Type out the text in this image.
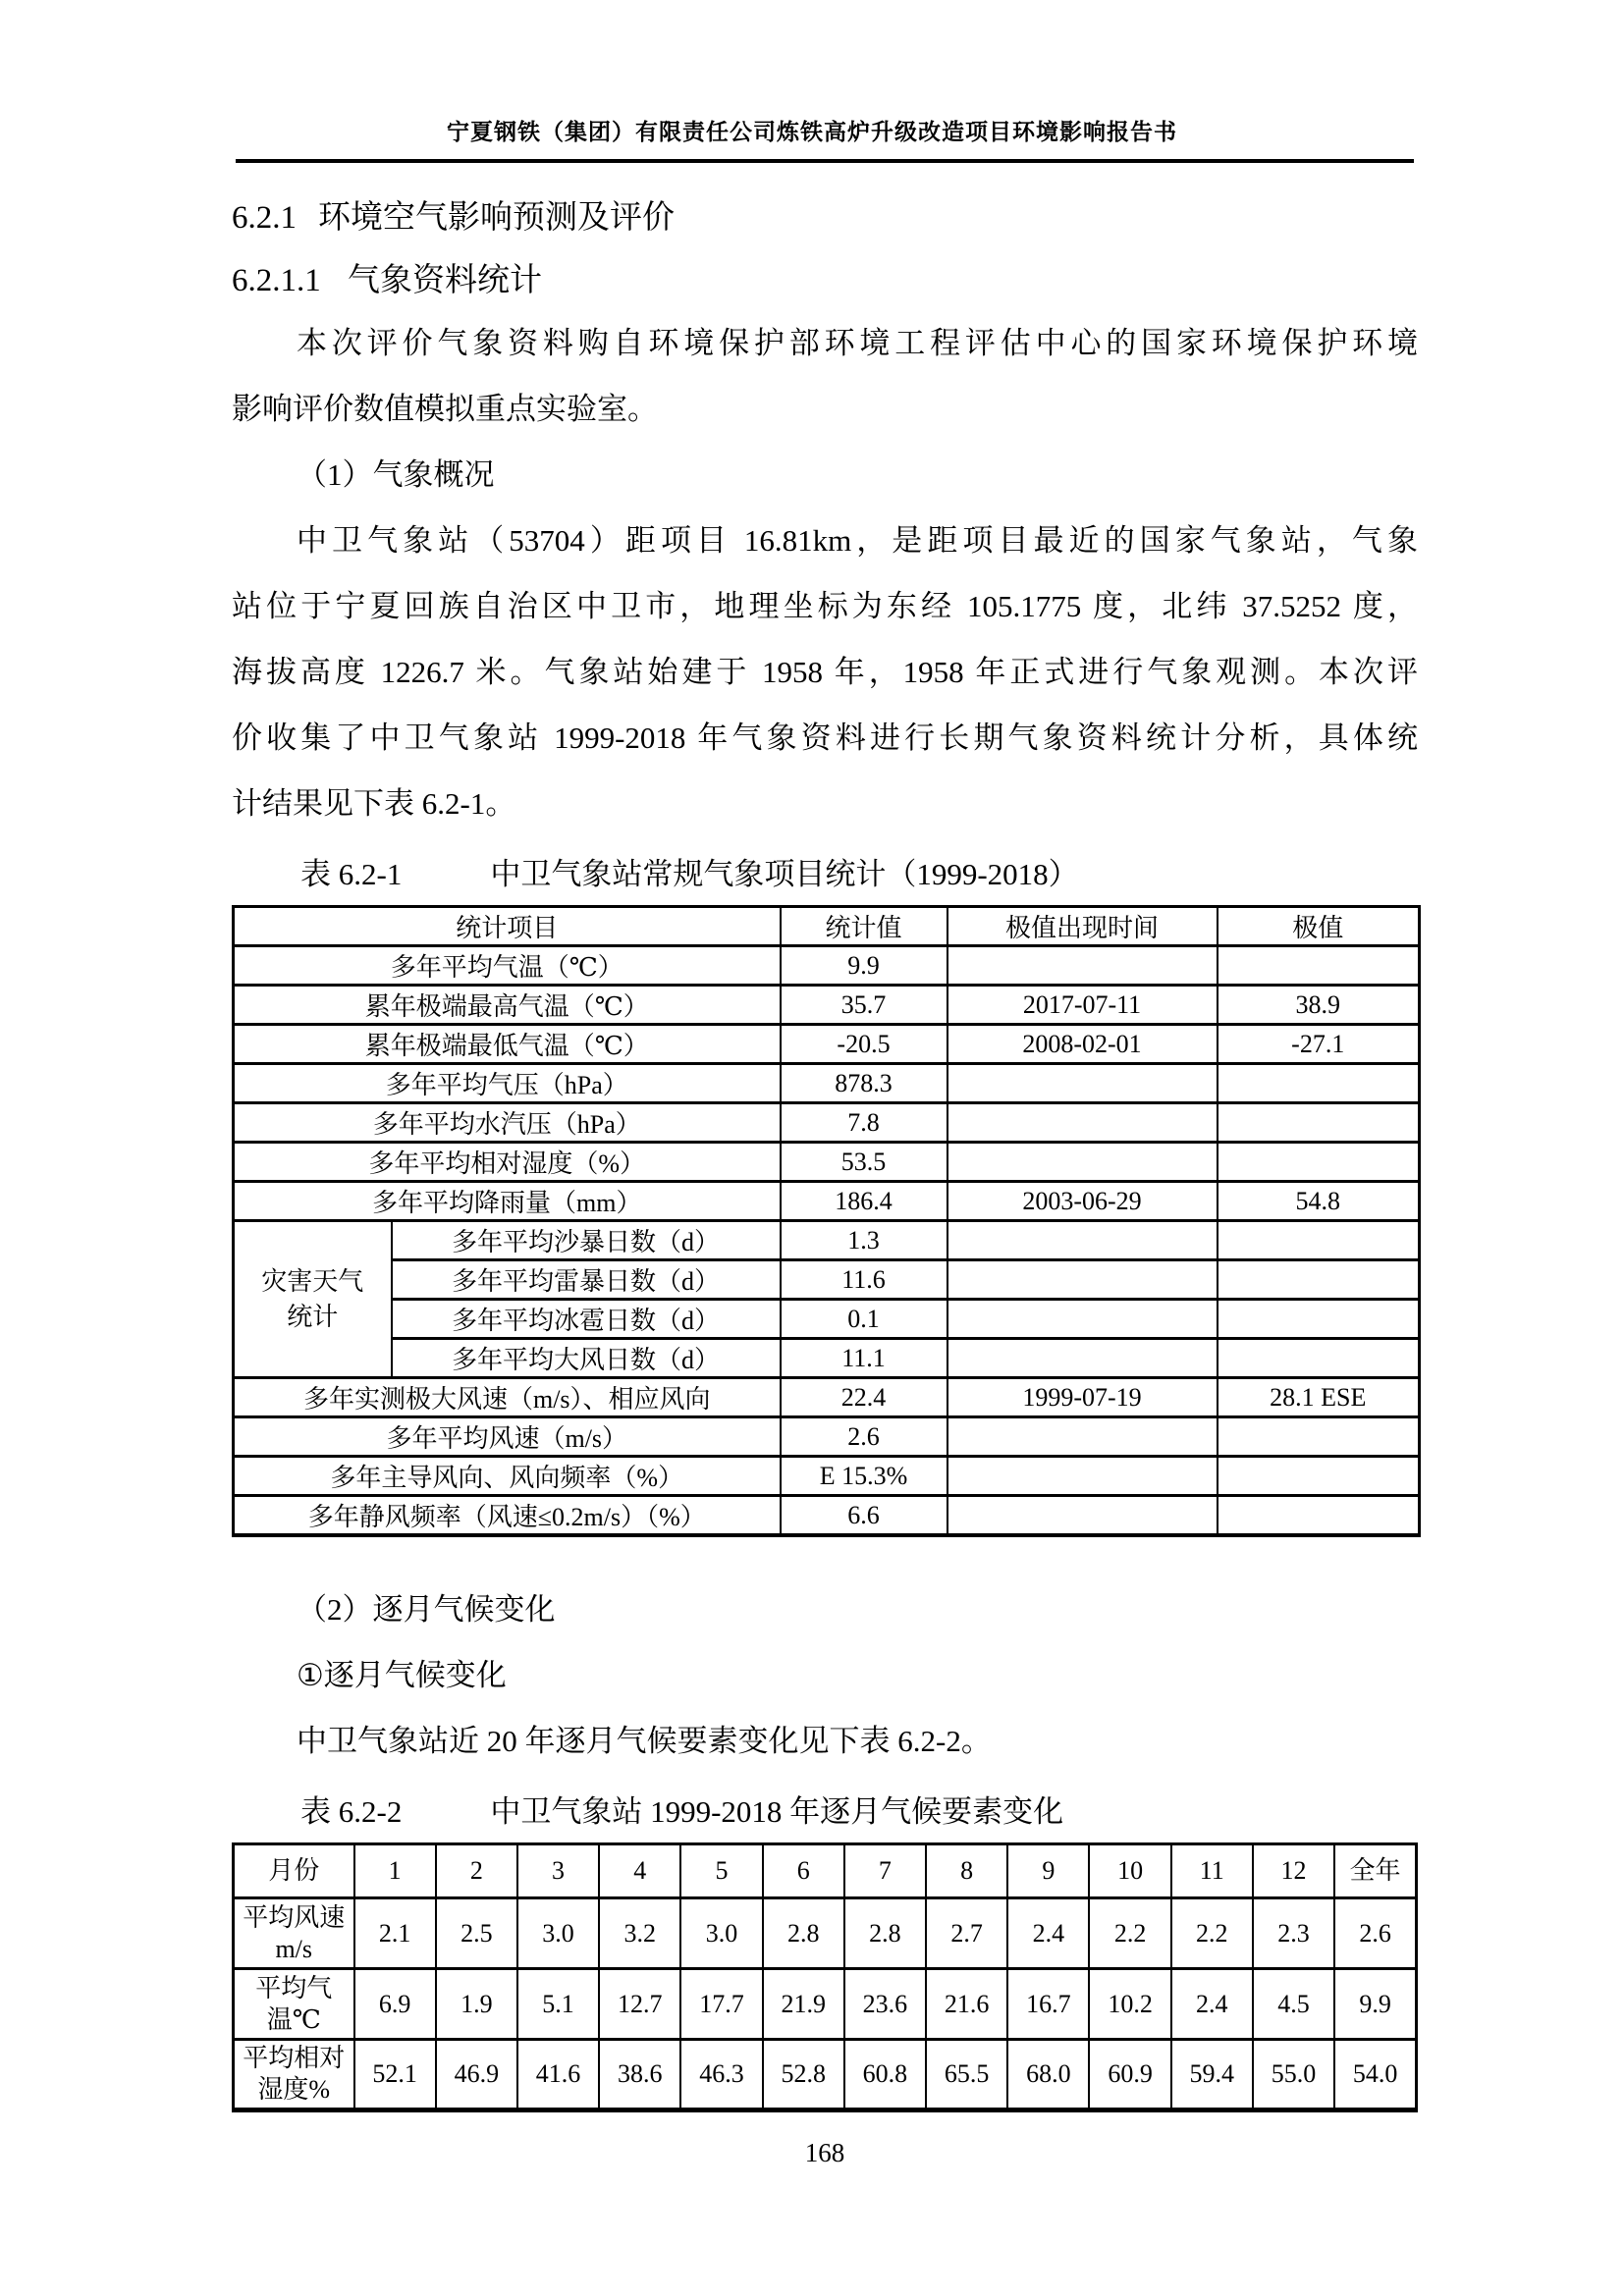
宁夏钢铁（集团）有限责任公司炼铁高炉升级改造项目环境影响报告书
6.2.1 环境空气影响预测及评价
6.2.1.1 气象资料统计
本次评价气象资料购自环境保护部环境工程评估中心的国家环境保护环境
影响评价数值模拟重点实验室。
（1）气象概况
中卫气象站（53704）距项目 16.81km，是距项目最近的国家气象站，气象
站位于宁夏回族自治区中卫市，地理坐标为东经 105.1775 度，北纬 37.5252 度，
海拔高度 1226.7 米。气象站始建于 1958 年，1958 年正式进行气象观测。本次评
价收集了中卫气象站 1999-2018 年气象资料进行长期气象资料统计分析，具体统
计结果见下表 6.2-1。
表 6.2-1	中卫气象站常规气象项目统计（1999-2018）
统计项目		统计值	极值出现时间	极值
多年平均气温（℃）		9.9		
累年极端最高气温（℃）		35.7	2017-07-11	38.9
累年极端最低气温（℃）		-20.5	2008-02-01	-27.1
多年平均气压（hPa）		878.3		
多年平均水汽压（hPa）		7.8		
多年平均相对湿度（%）		53.5		
多年平均降雨量（mm）		186.4	2003-06-29	54.8

灾害天气
统计	多年平均沙暴日数（d）	1.3		
	多年平均雷暴日数（d）	11.6		
	多年平均冰雹日数（d）	0.1		
	多年平均大风日数（d）	11.1		
多年实测极大风速（m/s）、相应风向		22.4	1999-07-19	28.1 ESE
多年平均风速（m/s）		2.6		
多年主导风向、风向频率（%）		E 15.3%		
多年静风频率（风速≤0.2m/s）（%）		6.6		
（2）逐月气候变化
①逐月气候变化
中卫气象站近 20 年逐月气候要素变化见下表 6.2-2。
表 6.2-2	中卫气象站 1999-2018 年逐月气候要素变化
月份	1	2	3	4	5	6	7	8	9	10	11	12	全年
平均风速m/s	2.1	2.5	3.0	3.2	3.0	2.8	2.8	2.7	2.4	2.2	2.2	2.3	2.6
平均气温℃	6.9	1.9	5.1	12.7	17.7	21.9	23.6	21.6	16.7	10.2	2.4	4.5	9.9
平均相对湿度%	52.1	46.9	41.6	38.6	46.3	52.8	60.8	65.5	68.0	60.9	59.4	55.0	54.0
168
